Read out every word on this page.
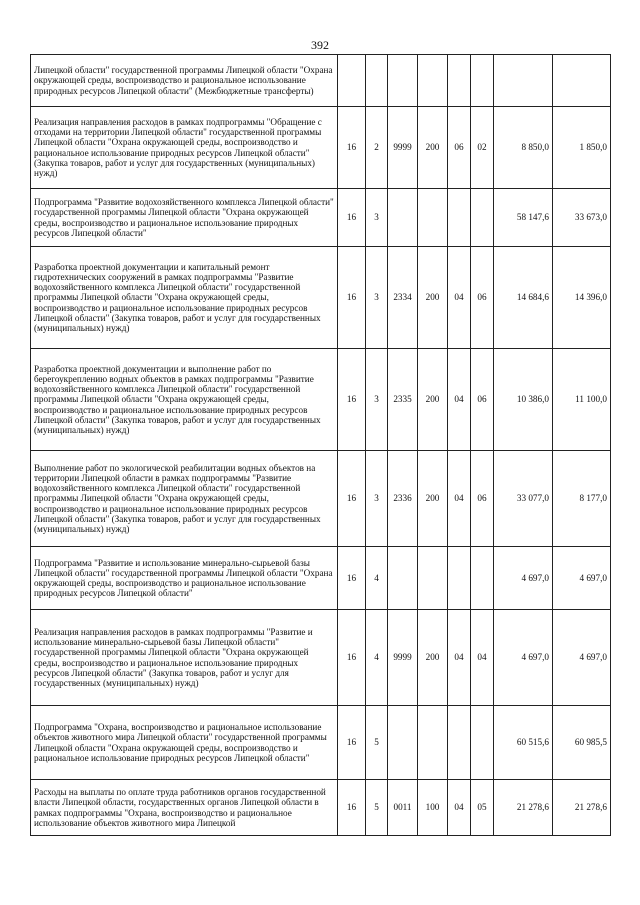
392
Липецкой области" государственной программы Липецкой области "Охрана окружающей среды, воспроизводство и рациональное использование природных ресурсов Липецкой области" (Межбюджетные трансферты)								
Реализация направления расходов в рамках подпрограммы "Обращение с отходами на территории Липецкой области" государственной программы Липецкой области "Охрана окружающей среды, воспроизводство и рациональное использование природных ресурсов Липецкой области" (Закупка товаров, работ и услуг для государственных (муниципальных) нужд)	16	2	9999	200	06	02	8 850,0	1 850,0
Подпрограмма "Развитие водохозяйственного комплекса Липецкой области" государственной программы Липецкой области "Охрана окружающей среды, воспроизводство и рациональное использование природных ресурсов Липецкой области"	16	3					58 147,6	33 673,0
Разработка проектной документации и капитальный ремонт гидротехнических сооружений в рамках подпрограммы "Развитие водохозяйственного комплекса Липецкой области" государственной программы Липецкой области "Охрана окружающей среды, воспроизводство и рациональное использование природных ресурсов Липецкой области" (Закупка товаров, работ и услуг для государственных (муниципальных) нужд)	16	3	2334	200	04	06	14 684,6	14 396,0
Разработка проектной документации и выполнение работ по берегоукреплению водных объектов в рамках подпрограммы "Развитие водохозяйственного комплекса Липецкой области" государственной программы Липецкой области "Охрана окружающей среды, воспроизводство и рациональное использование природных ресурсов Липецкой области" (Закупка товаров, работ и услуг для государственных (муниципальных) нужд)	16	3	2335	200	04	06	10 386,0	11 100,0
Выполнение работ по экологической реабилитации водных объектов на территории Липецкой области в рамках подпрограммы "Развитие водохозяйственного комплекса Липецкой области" государственной программы Липецкой области "Охрана окружающей среды, воспроизводство и рациональное использование природных ресурсов Липецкой области" (Закупка товаров, работ и услуг для государственных (муниципальных) нужд)	16	3	2336	200	04	06	33 077,0	8 177,0
Подпрограмма "Развитие и использование минерально-сырьевой базы Липецкой области" государственной программы Липецкой области "Охрана окружающей среды, воспроизводство и рациональное использование природных ресурсов Липецкой области"	16	4					4 697,0	4 697,0
Реализация направления расходов в рамках подпрограммы "Развитие и использование минерально-сырьевой базы Липецкой области" государственной программы Липецкой области "Охрана окружающей среды, воспроизводство и рациональное использование природных ресурсов Липецкой области" (Закупка товаров, работ и услуг для государственных (муниципальных) нужд)	16	4	9999	200	04	04	4 697,0	4 697,0
Подпрограмма "Охрана, воспроизводство и рациональное использование объектов животного мира Липецкой области" государственной программы Липецкой области "Охрана окружающей среды, воспроизводство и рациональное использование природных ресурсов Липецкой области"	16	5					60 515,6	60 985,5
Расходы на выплаты по оплате труда работников органов государственной власти Липецкой области, государственных органов Липецкой области в рамках подпрограммы "Охрана, воспроизводство и рациональное использование объектов животного мира Липецкой	16	5	0011	100	04	05	21 278,6	21 278,6
